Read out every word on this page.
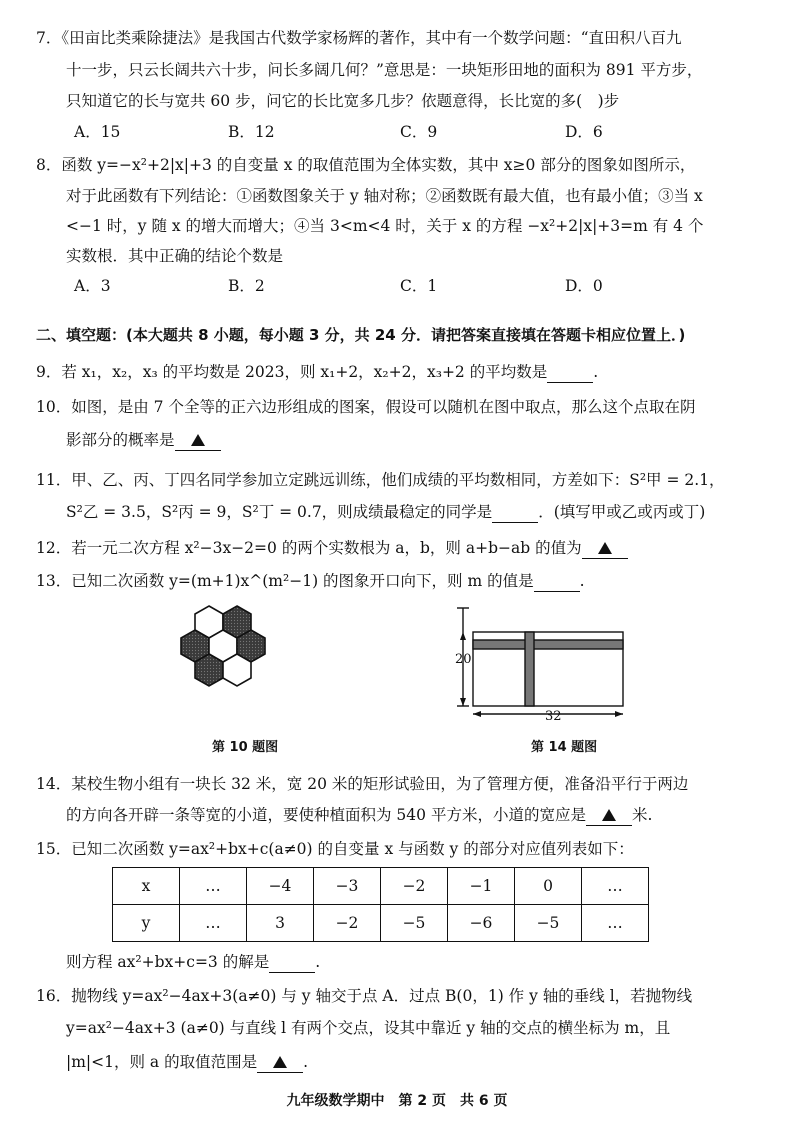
7．《田亩比类乘除捷法》是我国古代数学家杨辉的著作，其中有一个数学问题：“直田积八百九
十一步，只云长阔共六十步，问长多阔几何？”意思是：一块矩形田地的面积为 891 平方步，
只知道它的长与宽共 60 步，问它的长比宽多几步？依题意得，长比宽的多(　)步
A．15	B．12	C．9	D．6
8．函数 y=−x²+2|x|+3 的自变量 x 的取值范围为全体实数，其中 x≥0 部分的图象如图所示，
对于此函数有下列结论：①函数图象关于 y 轴对称；②函数既有最大值，也有最小值；③当 x
<−1 时，y 随 x 的增大而增大；④当 3<m<4 时，关于 x 的方程 −x²+2|x|+3=m 有 4 个
实数根．其中正确的结论个数是
A．3	B．2	C．1	D．0
二、填空题：(本大题共 8 小题，每小题 3 分，共 24 分．请把答案直接填在答题卡相应位置上．)
9．若 x₁，x₂，x₃ 的平均数是 2023，则 x₁+2，x₂+2，x₃+2 的平均数是	.
10．如图，是由 7 个全等的正六边形组成的图案，假设可以随机在图中取点，那么这个点取在阴
影部分的概率是
11．甲、乙、丙、丁四名同学参加立定跳远训练，他们成绩的平均数相同，方差如下：S²甲 = 2.1，
S²乙 = 3.5，S²丙 = 9，S²丁 = 0.7，则成绩最稳定的同学是	．(填写甲或乙或丙或丁)
12．若一元二次方程 x²−3x−2=0 的两个实数根为 a，b，则 a+b−ab 的值为
13．已知二次函数 y=(m+1)x^(m²−1) 的图象开口向下，则 m 的值是	.
第 10 题图
20
32
第 14 题图
14．某校生物小组有一块长 32 米，宽 20 米的矩形试验田，为了管理方便，准备沿平行于两边
的方向各开辟一条等宽的小道，要使种植面积为 540 平方米，小道的宽应是	米.
15．已知二次函数 y=ax²+bx+c(a≠0) 的自变量 x 与函数 y 的部分对应值列表如下：
x	…	−4	−3	−2	−1	0	…
y	…	3	−2	−5	−6	−5	…
则方程 ax²+bx+c=3 的解是	.
16．抛物线 y=ax²−4ax+3(a≠0) 与 y 轴交于点 A．过点 B(0，1) 作 y 轴的垂线 l，若抛物线
y=ax²−4ax+3 (a≠0) 与直线 l 有两个交点，设其中靠近 y 轴的交点的横坐标为 m，且
|m|<1，则 a 的取值范围是	.
九年级数学期中　第 2 页　共 6 页
